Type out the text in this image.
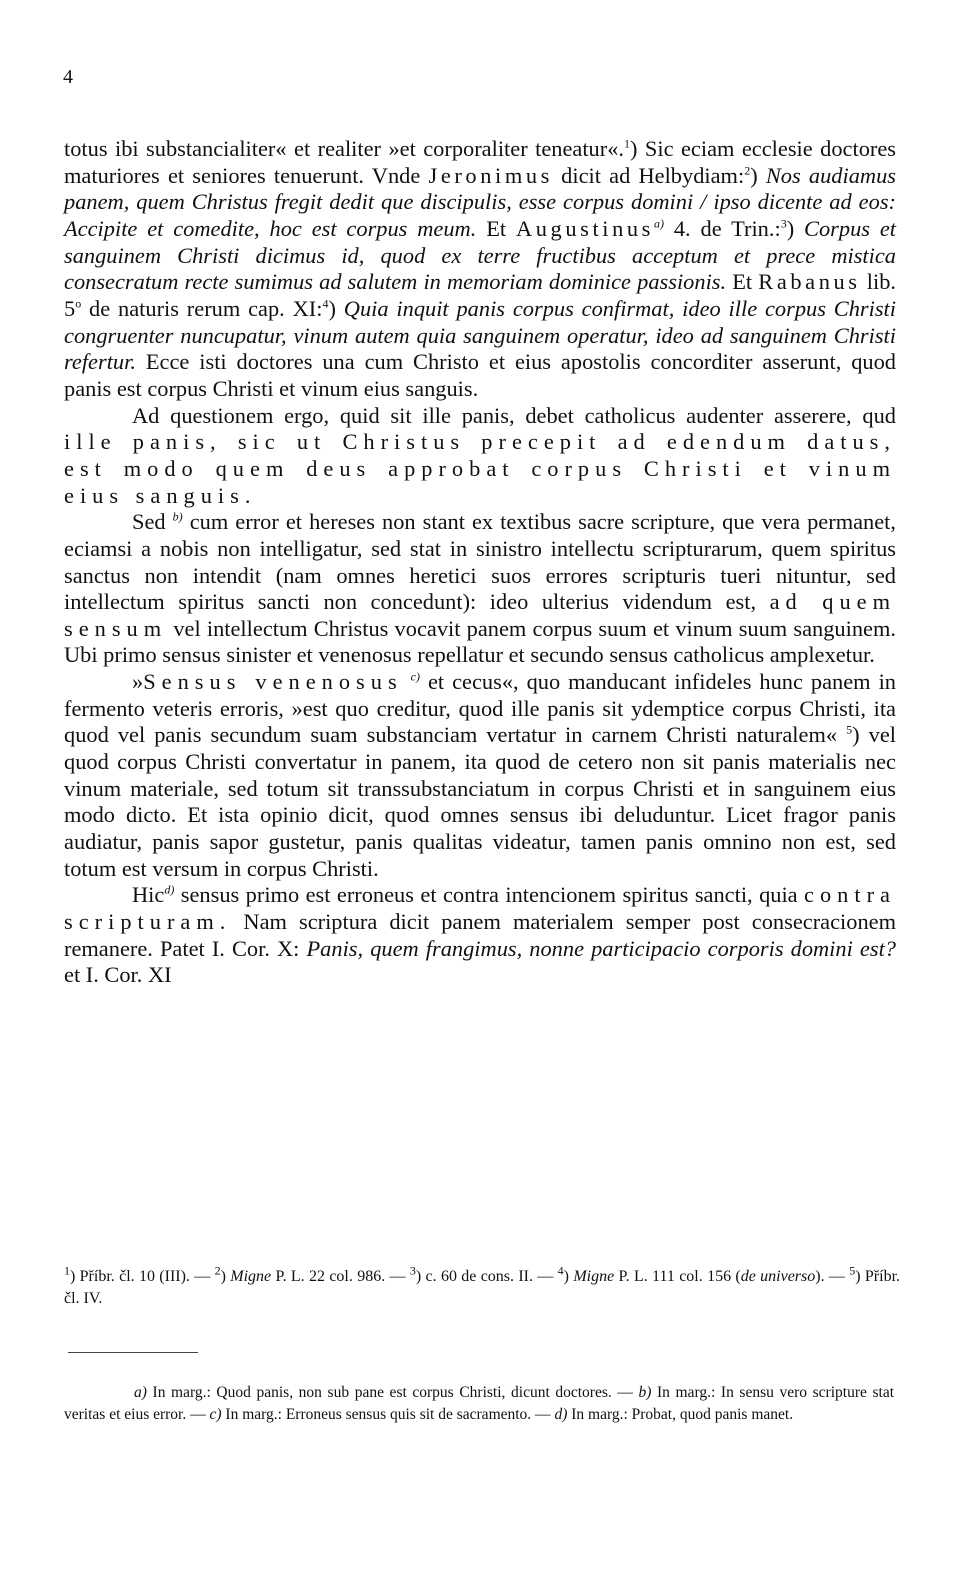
4

totus ibi substancialiter« et realiter »et corporaliter teneatur«.$^1$) Sic eciam ecclesie doctores maturiores et seniores tenuerunt. Vnde Jeronimus dicit ad Helbydiam:$^2$) Nos audiamus panem, quem Christus fregit dedit que discipulis, esse corpus domini / ipso dicente ad eos: Accipite et comedite, hoc est corpus meum. Et Augustinus$^{a)}$ 4. de Trin.:$^3$) Corpus et sanguinem Christi dicimus id, quod ex terre fructibus acceptum et prece mistica consecratum recte sumimus ad salutem in memoriam dominice passionis. Et Rabanus lib. 5$^o$ de naturis rerum cap. XI:$^4$) Quia inquit panis corpus confirmat, ideo ille corpus Christi congruenter nuncupatur, vinum autem quia sanguinem operatur, ideo ad sanguinem Christi refertur. Ecce isti doctores una cum Christo et eius apostolis concorditer asserunt, quod panis est corpus Christi et vinum eius sanguis.

Ad questionem ergo, quid sit ille panis, debet catholicus audenter asserere, qud ille panis, sic ut Christus precepit ad edendum datus, est modo quem deus approbat corpus Christi et vinum eius sanguis.

Sed $^{b)}$ cum error et hereses non stant ex textibus sacre scripture, que vera permanet, eciamsi a nobis non intelligatur, sed stat in sinistro intellectu scripturarum, quem spiritus sanctus non intendit (nam omnes heretici suos errores scripturis tueri nituntur, sed intellectum spiritus sancti non concedunt): ideo ulterius videndum est, ad quem sensum vel intellectum Christus vocavit panem corpus suum et vinum suum sanguinem. Ubi primo sensus sinister et venenosus repellatur et secundo sensus catholicus amplexetur.

»Sensus venenosus $^{c)}$ et cecus«, quo manducant infideles hunc panem in fermento veteris erroris, »est quo creditur, quod ille panis sit ydemptice corpus Christi, ita quod vel panis secundum suam substanciam vertatur in carnem Christi naturalem« $^5$) vel quod corpus Christi convertatur in panem, ita quod de cetero non sit panis materialis nec vinum materiale, sed totum sit transsubstanciatum in corpus Christi et in sanguinem eius modo dicto. Et ista opinio dicit, quod omnes sensus ibi deluduntur. Licet fragor panis audiatur, panis sapor gustetur, panis qualitas videatur, tamen panis omnino non est, sed totum est versum in corpus Christi.

Hic$^{d)}$ sensus primo est erroneus et contra intencionem spiritus sancti, quia contra scripturam. Nam scriptura dicit panem materialem semper post consecracionem remanere. Patet I. Cor. X: Panis, quem frangimus, nonne participacio corporis domini est? et I. Cor. XI

$^1$) Příbr. čl. 10 (III). — $^2$) Migne P. L. 22 col. 986. — $^3$) c. 60 de cons. II. — $^4$) Migne P. L. 111 col. 156 (de universo). — $^5$) Příbr. čl. IV.
a) In marg.: Quod panis, non sub pane est corpus Christi, dicunt doctores. — b) In marg.: In sensu vero scripture stat veritas et eius error. — c) In marg.: Erroneus sensus quis sit de sacramento. — d) In marg.: Probat, quod panis manet.
